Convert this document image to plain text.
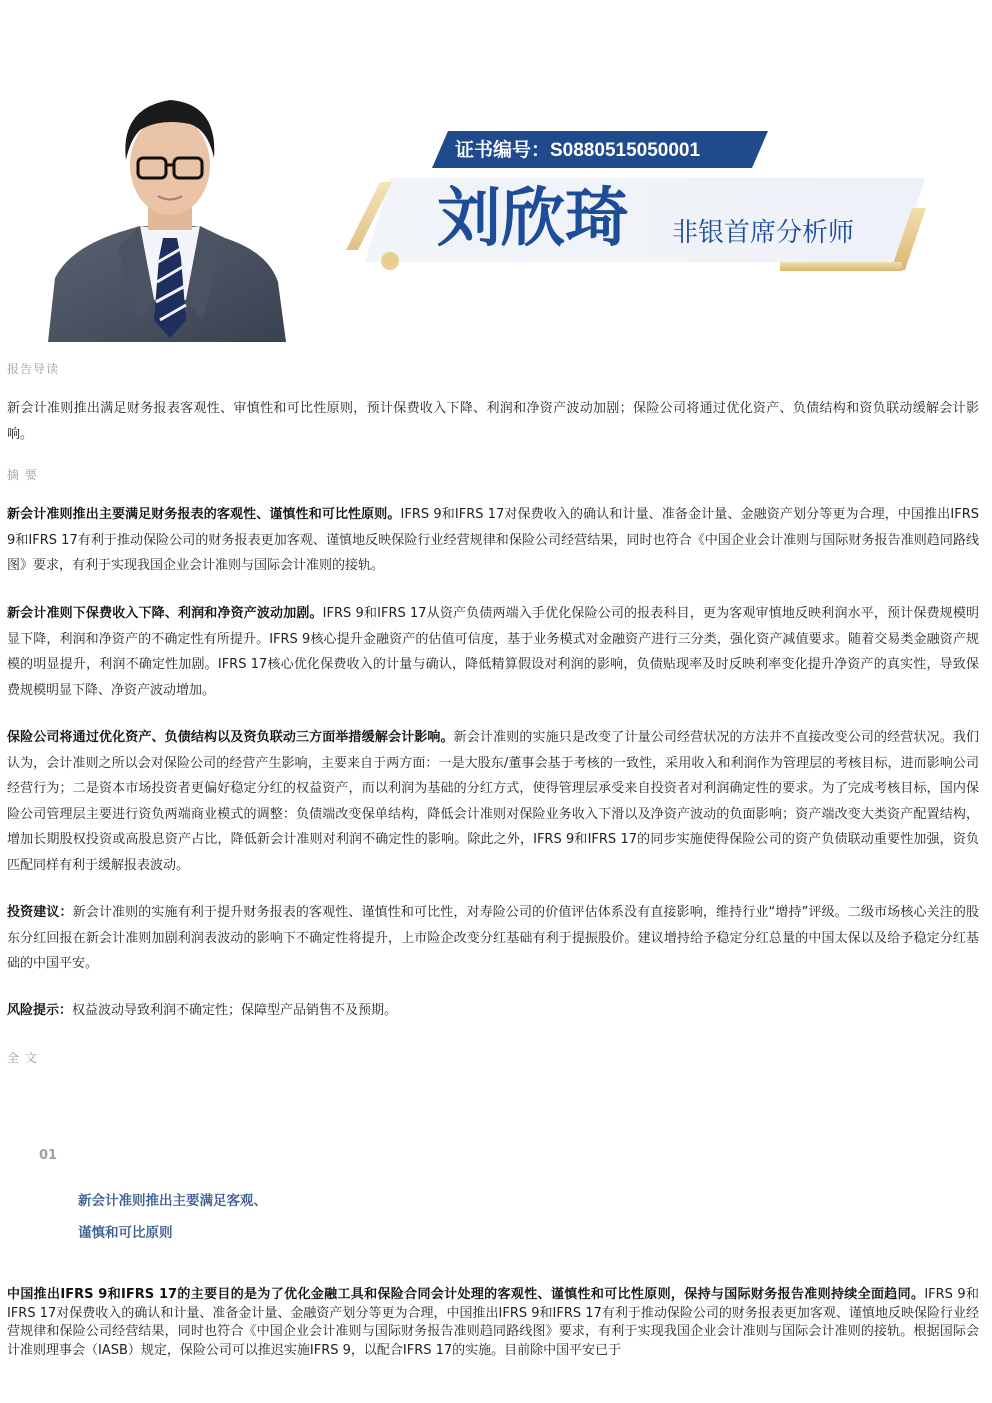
证书编号：S0880515050001
刘欣琦 非银首席分析师
报告导读

新会计准则推出满足财务报表客观性、审慎性和可比性原则，预计保费收入下降、利润和净资产波动加剧；保险公司将通过优化资产、负债结构和资负联动缓解会计影响。

摘 要

新会计准则推出主要满足财务报表的客观性、谨慎性和可比性原则。IFRS 9和IFRS 17对保费收入的确认和计量、准备金计量、金融资产划分等更为合理，中国推出IFRS 9和IFRS 17有利于推动保险公司的财务报表更加客观、谨慎地反映保险行业经营规律和保险公司经营结果，同时也符合《中国企业会计准则与国际财务报告准则趋同路线图》要求，有利于实现我国企业会计准则与国际会计准则的接轨。

新会计准则下保费收入下降、利润和净资产波动加剧。IFRS 9和IFRS 17从资产负债两端入手优化保险公司的报表科目，更为客观审慎地反映利润水平，预计保费规模明显下降，利润和净资产的不确定性有所提升。IFRS 9核心提升金融资产的估值可信度，基于业务模式对金融资产进行三分类，强化资产减值要求。随着交易类金融资产规模的明显提升，利润不确定性加剧。IFRS 17核心优化保费收入的计量与确认，降低精算假设对利润的影响，负债贴现率及时反映利率变化提升净资产的真实性，导致保费规模明显下降、净资产波动增加。

保险公司将通过优化资产、负债结构以及资负联动三方面举措缓解会计影响。新会计准则的实施只是改变了计量公司经营状况的方法并不直接改变公司的经营状况。我们认为，会计准则之所以会对保险公司的经营产生影响，主要来自于两方面：一是大股东/董事会基于考核的一致性，采用收入和利润作为管理层的考核目标，进而影响公司经营行为；二是资本市场投资者更偏好稳定分红的权益资产，而以利润为基础的分红方式，使得管理层承受来自投资者对利润确定性的要求。为了完成考核目标，国内保险公司管理层主要进行资负两端商业模式的调整：负债端改变保单结构，降低会计准则对保险业务收入下滑以及净资产波动的负面影响；资产端改变大类资产配置结构，增加长期股权投资或高股息资产占比，降低新会计准则对利润不确定性的影响。除此之外，IFRS 9和IFRS 17的同步实施使得保险公司的资产负债联动重要性加强，资负匹配同样有利于缓解报表波动。

投资建议：新会计准则的实施有利于提升财务报表的客观性、谨慎性和可比性，对寿险公司的价值评估体系没有直接影响，维持行业“增持”评级。二级市场核心关注的股东分红回报在新会计准则加剧利润表波动的影响下不确定性将提升，上市险企改变分红基础有利于提振股价。建议增持给予稳定分红总量的中国太保以及给予稳定分红基础的中国平安。

风险提示：权益波动导致利润不确定性；保障型产品销售不及预期。

全 文
01
新会计准则推出主要满足客观、
谨慎和可比原则

中国推出IFRS 9和IFRS 17的主要目的是为了优化金融工具和保险合同会计处理的客观性、谨慎性和可比性原则，保持与国际财务报告准则持续全面趋同。IFRS 9和IFRS 17对保费收入的确认和计量、准备金计量、金融资产划分等更为合理，中国推出IFRS 9和IFRS 17有利于推动保险公司的财务报表更加客观、谨慎地反映保险行业经营规律和保险公司经营结果，同时也符合《中国企业会计准则与国际财务报告准则趋同路线图》要求，有利于实现我国企业会计准则与国际会计准则的接轨。根据国际会计准则理事会（IASB）规定，保险公司可以推迟实施IFRS 9，以配合IFRS 17的实施。目前除中国平安已于
